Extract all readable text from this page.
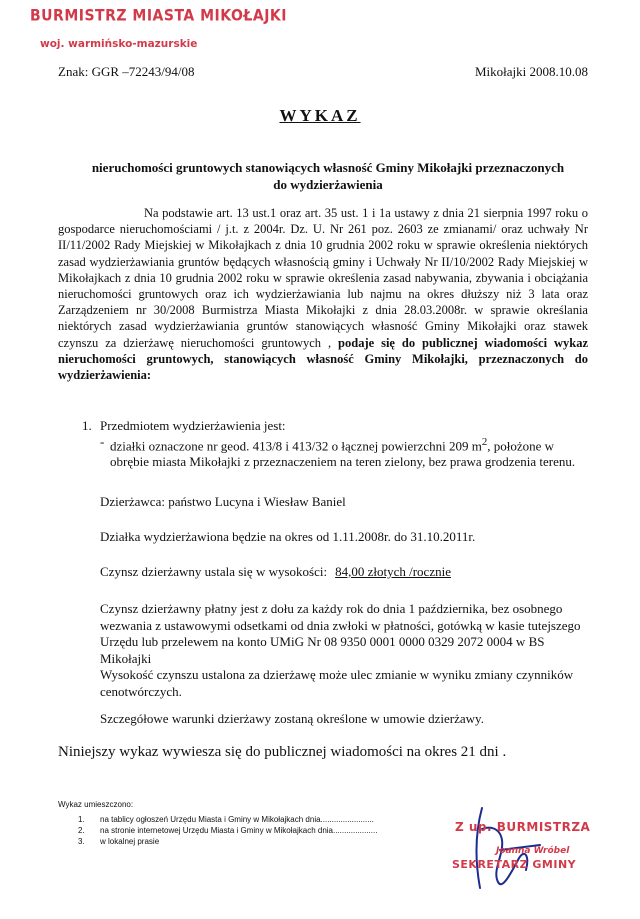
BURMISTRZ MIASTA MIKOŁAJKI
woj. warmińsko-mazurskie
Znak: GGR –72243/94/08	Mikołajki 2008.10.08
WYKAZ
nieruchomości gruntowych stanowiących własność Gminy Mikołajki przeznaczonych
do wydzierżawienia
Na podstawie art. 13 ust.1 oraz art. 35 ust. 1 i 1a ustawy z dnia 21 sierpnia 1997 roku o gospodarce nieruchomościami / j.t. z 2004r. Dz. U. Nr 261 poz. 2603 ze zmianami/ oraz uchwały Nr II/11/2002 Rady Miejskiej w Mikołajkach z dnia 10 grudnia 2002 roku w sprawie określenia niektórych zasad wydzierżawiania gruntów będących własnością gminy i Uchwały Nr II/10/2002 Rady Miejskiej w Mikołajkach z dnia 10 grudnia 2002 roku w sprawie określenia zasad nabywania, zbywania i obciążania nieruchomości gruntowych oraz ich wydzierżawiania lub najmu na okres dłuższy niż 3 lata oraz Zarządzeniem nr 30/2008 Burmistrza Miasta Mikołajki z dnia 28.03.2008r. w sprawie określania niektórych zasad wydzierżawiania gruntów stanowiących własność Gminy Mikołajki oraz stawek czynszu za dzierżawę nieruchomości gruntowych , podaje się do publicznej wiadomości wykaz nieruchomości gruntowych, stanowiących własność Gminy Mikołajki, przeznaczonych do wydzierżawienia:
1. Przedmiotem wydzierżawienia jest:
- działki oznaczone nr geod. 413/8 i 413/32 o łącznej powierzchni 209 $m^2$, położone w obrębie miasta Mikołajki z przeznaczeniem na teren zielony, bez prawa grodzenia terenu.
Dzierżawca: państwo Lucyna i Wiesław Baniel
Działka wydzierżawiona będzie na okres od 1.11.2008r. do 31.10.2011r.
Czynsz dzierżawny ustala się w wysokości: 84,00 złotych /rocznie
Czynsz dzierżawny płatny jest z dołu za każdy rok do dnia 1 października, bez osobnego wezwania z ustawowymi odsetkami od dnia zwłoki w płatności, gotówką w kasie tutejszego Urzędu lub przelewem na konto UMiG Nr 08 9350 0001 0000 0329 2072 0004 w BS Mikołajki
Wysokość czynszu ustalona za dzierżawę może ulec zmianie w wyniku zmiany czynników cenotwórczych.
Szczegółowe warunki dzierżawy zostaną określone w umowie dzierżawy.
Niniejszy wykaz wywiesza się do publicznej wiadomości na okres 21 dni .
Wykaz umieszczono:
1. na tablicy ogłoszeń Urzędu Miasta i Gminy w Mikołajkach dnia........................
2. na stronie internetowej Urzędu Miasta i Gminy w Mikołajkach dnia....................
3. w lokalnej prasie
Z up. BURMISTRZA
Joanna Wróbel
SEKRETARZ GMINY
